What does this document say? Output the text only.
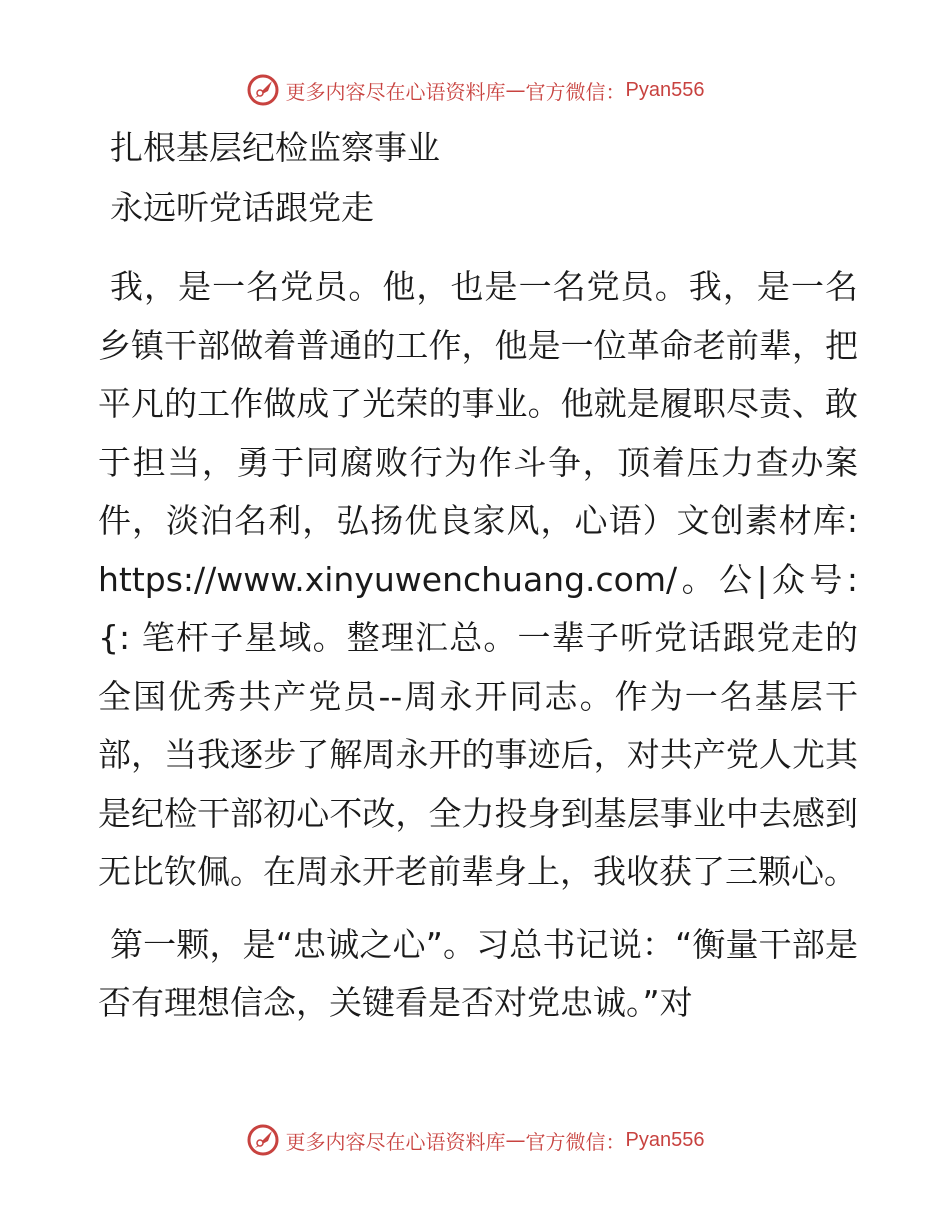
更多内容尽在心语资料库 — 官方微信： Pyan556
扎根基层纪检监察事业
永远听党话跟党走

我，是一名党员。他，也是一名党员。我，是一名乡镇干部做着普通的工作，他是一位革命老前辈，把平凡的工作做成了光荣的事业。他就是履职尽责、敢于担当，勇于同腐败行为作斗争，顶着压力查办案件，淡泊名利，弘扬优良家风，心语）文创素材库: https://www.xinyuwenchuang.com/。公|众号:{: 笔杆子星域。整理汇总。一辈子听党话跟党走的全国优秀共产党员--周永开同志。作为一名基层干部，当我逐步了解周永开的事迹后，对共产党人尤其是纪检干部初心不改，全力投身到基层事业中去感到无比钦佩。在周永开老前辈身上，我收获了三颗心。

第一颗，是“忠诚之心”。习总书记说：“衡量干部是否有理想信念，关键看是否对党忠诚。”对

更多内容尽在心语资料库 — 官方微信： Pyan556
